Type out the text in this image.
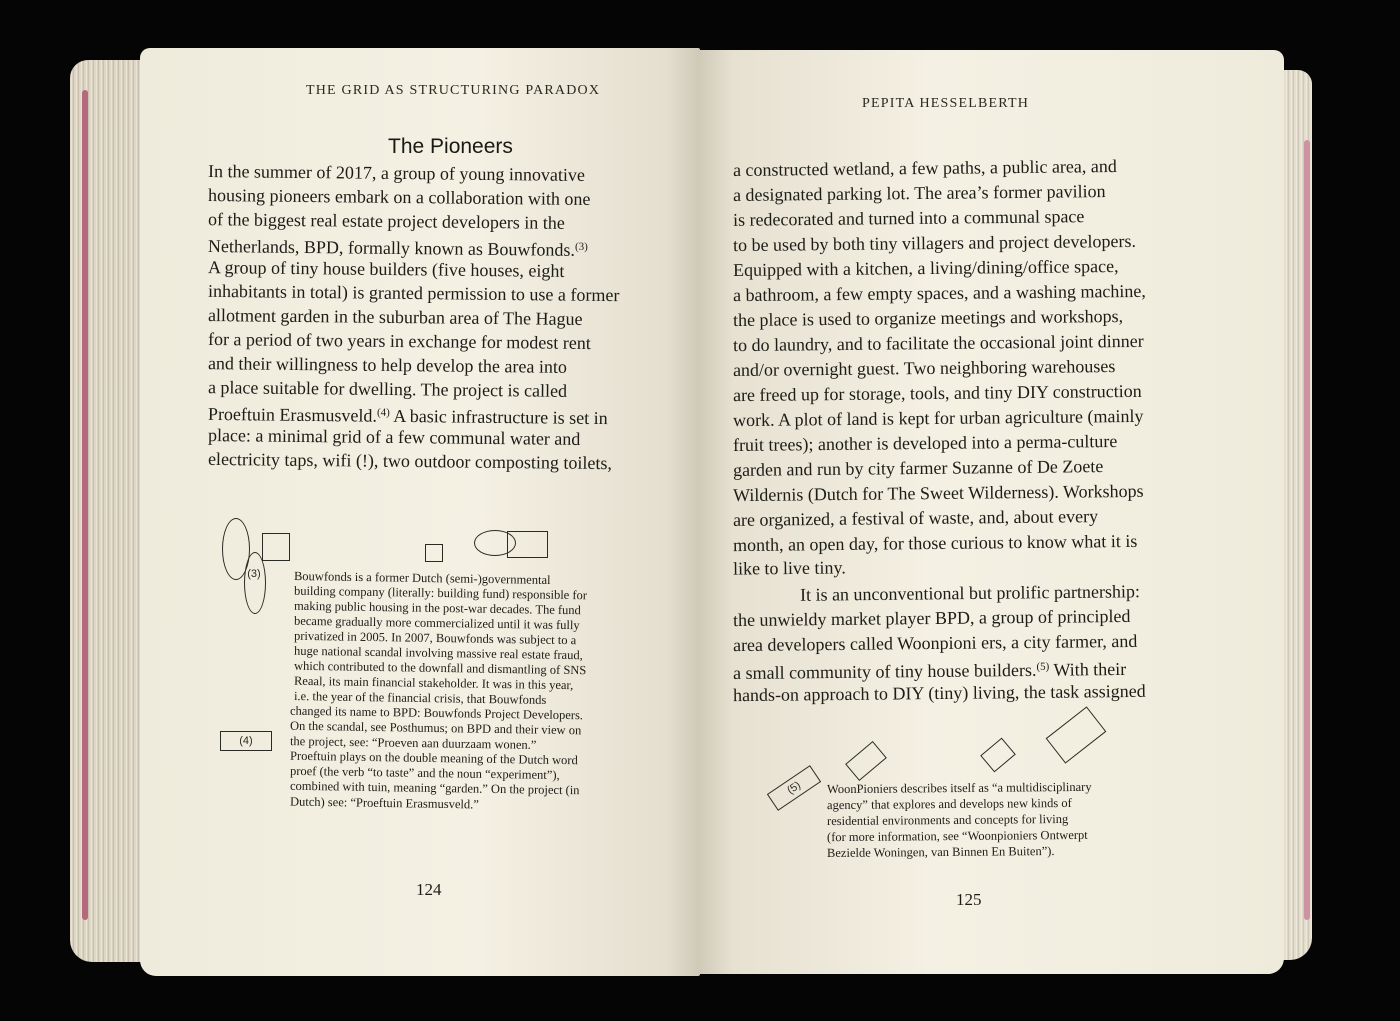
THE GRID AS STRUCTURING PARADOX
The Pioneers
In the summer of 2017, a group of young innovative
housing pioneers embark on a collaboration with one
of the biggest real estate project developers in the
Netherlands, BPD, formally known as Bouwfonds.$^{(3)}$
A group of tiny house builders (five houses, eight
inhabitants in total) is granted permission to use a former
allotment garden in the suburban area of The Hague
for a period of two years in exchange for modest rent
and their willingness to help develop the area into
a place suitable for dwelling. The project is called
Proeftuin Erasmusveld.$^{(4)}$ A basic infrastructure is set in
place: a minimal grid of a few communal water and
electricity taps, wifi (!), two outdoor composting toilets,
(3)
(4)
Bouwfonds is a former Dutch (semi-)governmental
building company (literally: building fund) responsible for
making public housing in the post-war decades. The fund
became gradually more commercialized until it was fully
privatized in 2005. In 2007, Bouwfonds was subject to a
huge national scandal involving massive real estate fraud,
which contributed to the downfall and dismantling of SNS
Reaal, its main financial stakeholder. It was in this year,
i.e. the year of the financial crisis, that Bouwfonds
changed its name to BPD: Bouwfonds Project Developers.
On the scandal, see Posthumus; on BPD and their view on
the project, see: “Proeven aan duurzaam wonen.”
Proeftuin plays on the double meaning of the Dutch word
proef (the verb “to taste” and the noun “experiment”),
combined with tuin, meaning “garden.” On the project (in
Dutch) see: “Proeftuin Erasmusveld.”
124
PEPITA HESSELBERTH
a constructed wetland, a few paths, a public area, and
a designated parking lot. The area’s former pavilion
is redecorated and turned into a communal space
to be used by both tiny villagers and project developers.
Equipped with a kitchen, a living/dining/office space,
a bathroom, a few empty spaces, and a washing machine,
the place is used to organize meetings and workshops,
to do laundry, and to facilitate the occasional joint dinner
and/or overnight guest. Two neighboring warehouses
are freed up for storage, tools, and tiny DIY construction
work. A plot of land is kept for urban agriculture (mainly
fruit trees); another is developed into a perma-culture
garden and run by city farmer Suzanne of De Zoete
Wildernis (Dutch for The Sweet Wilderness). Workshops
are organized, a festival of waste, and, about every
month, an open day, for those curious to know what it is
like to live tiny.
It is an unconventional but prolific partnership:
the unwieldy market player BPD, a group of principled
area developers called Woonpioni ers, a city farmer, and
a small community of tiny house builders.$^{(5)}$ With their
hands-on approach to DIY (tiny) living, the task assigned
(5)	WoonPioniers describes itself as “a multidisciplinary
agency” that explores and develops new kinds of
residential environments and concepts for living
(for more information, see “Woonpioniers Ontwerpt
Bezielde Woningen, van Binnen En Buiten”).
125
